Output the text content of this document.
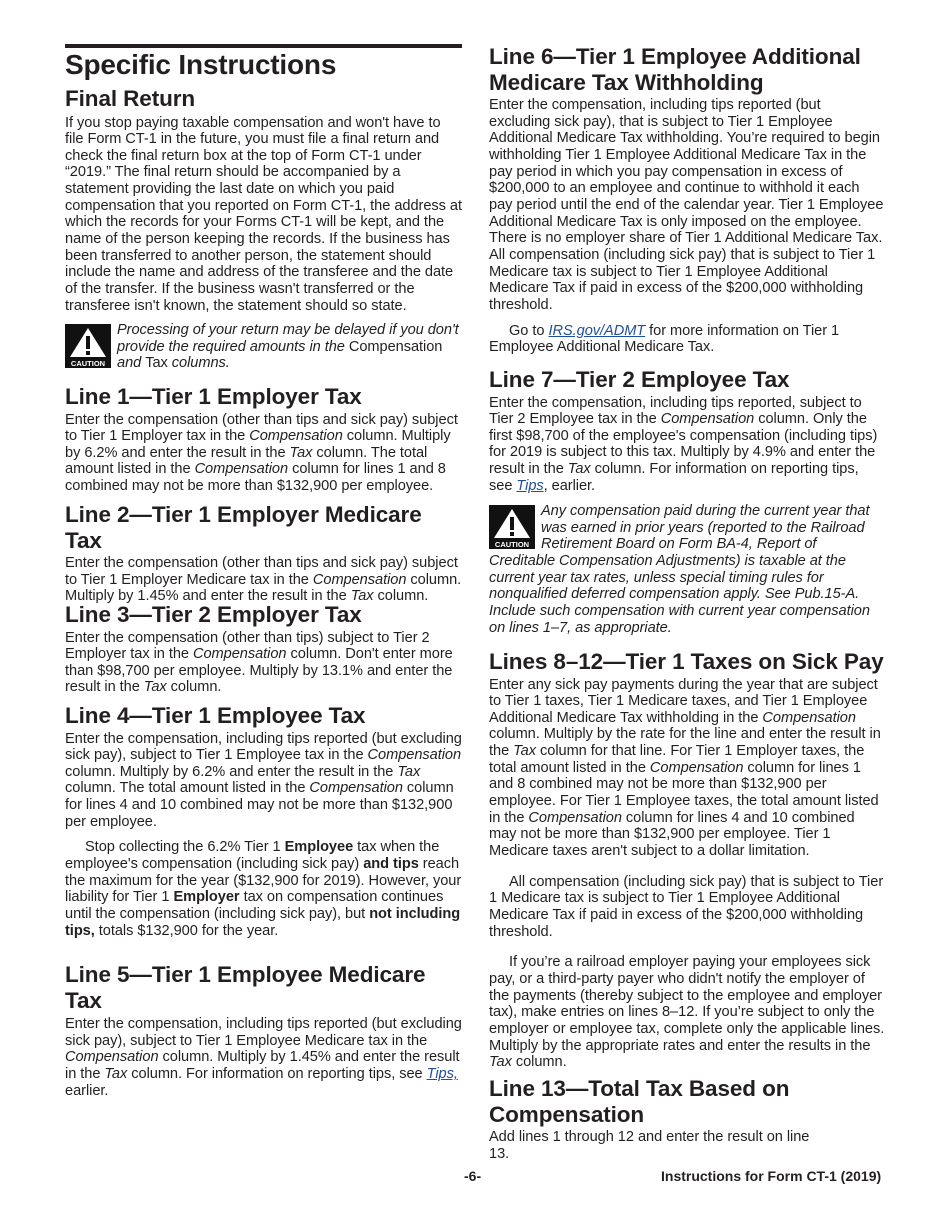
Specific Instructions
Final Return

If you stop paying taxable compensation and won't have to file Form CT-1 in the future, you must file a final return and check the final return box at the top of Form CT-1 under “2019.” The final return should be accompanied by a statement providing the last date on which you paid compensation that you reported on Form CT-1, the address at which the records for your Forms CT-1 will be kept, and the name of the person keeping the records. If the business has been transferred to another person, the statement should include the name and address of the transferee and the date of the transfer. If the business wasn't transferred or the transferee isn't known, the statement should so state.

CAUTION

Processing of your return may be delayed if you don't provide the required amounts in the Compensation and Tax columns.

Line 1—Tier 1 Employer Tax

Enter the compensation (other than tips and sick pay) subject to Tier 1 Employer tax in the Compensation column. Multiply by 6.2% and enter the result in the Tax column. The total amount listed in the Compensation column for lines 1 and 8 combined may not be more than $132,900 per employee.

Line 2—Tier 1 Employer Medicare Tax

Enter the compensation (other than tips and sick pay) subject to Tier 1 Employer Medicare tax in the Compensation column. Multiply by 1.45% and enter the result in the Tax column.

Line 3—Tier 2 Employer Tax

Enter the compensation (other than tips) subject to Tier 2 Employer tax in the Compensation column. Don't enter more than $98,700 per employee. Multiply by 13.1% and enter the result in the Tax column.

Line 4—Tier 1 Employee Tax

Enter the compensation, including tips reported (but excluding sick pay), subject to Tier 1 Employee tax in the Compensation column. Multiply by 6.2% and enter the result in the Tax column. The total amount listed in the Compensation column for lines 4 and 10 combined may not be more than $132,900 per employee.

Stop collecting the 6.2% Tier 1 Employee tax when the employee's compensation (including sick pay) and tips reach the maximum for the year ($132,900 for 2019). However, your liability for Tier 1 Employer tax on compensation continues until the compensation (including sick pay), but not including tips, totals $132,900 for the year.

Line 5—Tier 1 Employee Medicare Tax

Enter the compensation, including tips reported (but excluding sick pay), subject to Tier 1 Employee Medicare tax in the Compensation column. Multiply by 1.45% and enter the result in the Tax column. For information on reporting tips, see Tips, earlier.

Line 6—Tier 1 Employee Additional Medicare Tax Withholding

Enter the compensation, including tips reported (but excluding sick pay), that is subject to Tier 1 Employee Additional Medicare Tax withholding. You’re required to begin withholding Tier 1 Employee Additional Medicare Tax in the pay period in which you pay compensation in excess of $200,000 to an employee and continue to withhold it each pay period until the end of the calendar year. Tier 1 Employee Additional Medicare Tax is only imposed on the employee. There is no employer share of Tier 1 Additional Medicare Tax. All compensation (including sick pay) that is subject to Tier 1 Medicare tax is subject to Tier 1 Employee Additional Medicare Tax if paid in excess of the $200,000 withholding threshold.

Go to IRS.gov/ADMT for more information on Tier 1 Employee Additional Medicare Tax.

Line 7—Tier 2 Employee Tax

Enter the compensation, including tips reported, subject to Tier 2 Employee tax in the Compensation column. Only the first $98,700 of the employee's compensation (including tips) for 2019 is subject to this tax. Multiply by 4.9% and enter the result in the Tax column. For information on reporting tips, see Tips, earlier.

CAUTION

Any compensation paid during the current year that was earned in prior years (reported to the Railroad Retirement Board on Form BA-4, Report of Creditable Compensation Adjustments) is taxable at the current year tax rates, unless special timing rules for nonqualified deferred compensation apply. See Pub.15-A. Include such compensation with current year compensation on lines 1–7, as appropriate.

Lines 8–12—Tier 1 Taxes on Sick Pay

Enter any sick pay payments during the year that are subject to Tier 1 taxes, Tier 1 Medicare taxes, and Tier 1 Employee Additional Medicare Tax withholding in the Compensation column. Multiply by the rate for the line and enter the result in the Tax column for that line. For Tier 1 Employer taxes, the total amount listed in the Compensation column for lines 1 and 8 combined may not be more than $132,900 per employee. For Tier 1 Employee taxes, the total amount listed in the Compensation column for lines 4 and 10 combined may not be more than $132,900 per employee. Tier 1 Medicare taxes aren't subject to a dollar limitation.

All compensation (including sick pay) that is subject to Tier 1 Medicare tax is subject to Tier 1 Employee Additional Medicare Tax if paid in excess of the $200,000 withholding threshold.

If you’re a railroad employer paying your employees sick pay, or a third-party payer who didn't notify the employer of the payments (thereby subject to the employee and employer tax), make entries on lines 8–12. If you’re subject to only the employer or employee tax, complete only the applicable lines. Multiply by the appropriate rates and enter the results in the Tax column.

Line 13—Total Tax Based on Compensation

Add lines 1 through 12 and enter the result on line 13.

-6-	Instructions for Form CT-1 (2019)
